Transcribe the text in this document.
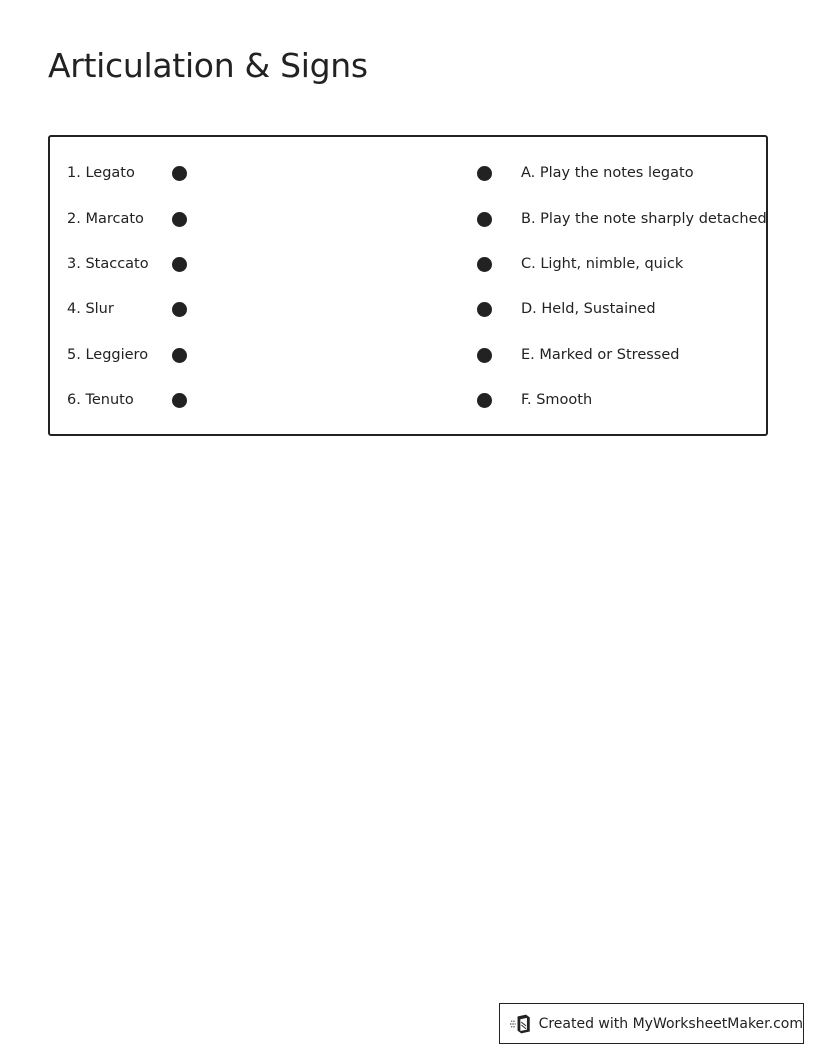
Articulation & Signs
1. Legato	A. Play the notes legato
2. Marcato	B. Play the note sharply detached
3. Staccato	C. Light, nimble, quick
4. Slur	D. Held, Sustained
5. Leggiero	E. Marked or Stressed
6. Tenuto	F. Smooth
Created with MyWorksheetMaker.com
